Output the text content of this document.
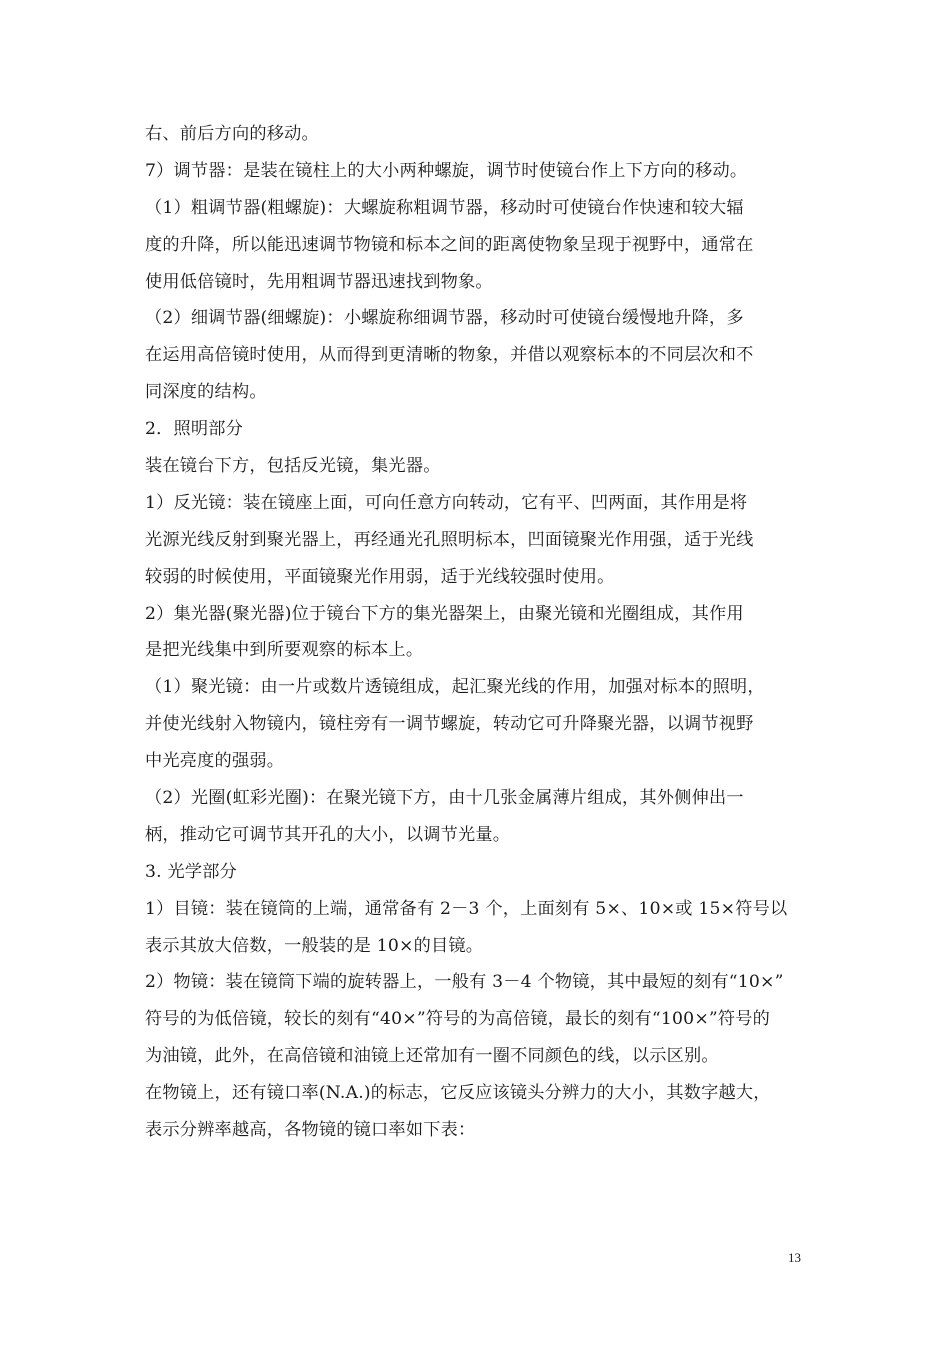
右、前后方向的移动。
7）调节器：是装在镜柱上的大小两种螺旋，调节时使镜台作上下方向的移动。
（1）粗调节器(粗螺旋)：大螺旋称粗调节器，移动时可使镜台作快速和较大辐
度的升降，所以能迅速调节物镜和标本之间的距离使物象呈现于视野中，通常在
使用低倍镜时，先用粗调节器迅速找到物象。
（2）细调节器(细螺旋)：小螺旋称细调节器，移动时可使镜台缓慢地升降，多
在运用高倍镜时使用，从而得到更清晰的物象，并借以观察标本的不同层次和不
同深度的结构。
2．照明部分
装在镜台下方，包括反光镜，集光器。
1）反光镜：装在镜座上面，可向任意方向转动，它有平、凹两面，其作用是将
光源光线反射到聚光器上，再经通光孔照明标本，凹面镜聚光作用强，适于光线
较弱的时候使用，平面镜聚光作用弱，适于光线较强时使用。
2）集光器(聚光器)位于镜台下方的集光器架上，由聚光镜和光圈组成，其作用
是把光线集中到所要观察的标本上。
（1）聚光镜：由一片或数片透镜组成，起汇聚光线的作用，加强对标本的照明，
并使光线射入物镜内，镜柱旁有一调节螺旋，转动它可升降聚光器，以调节视野
中光亮度的强弱。
（2）光圈(虹彩光圈)：在聚光镜下方，由十几张金属薄片组成，其外侧伸出一
柄，推动它可调节其开孔的大小，以调节光量。
3. 光学部分
1）目镜：装在镜筒的上端，通常备有 2－3 个，上面刻有 5×、10×或 15×符号以
表示其放大倍数，一般装的是 10×的目镜。
2）物镜：装在镜筒下端的旋转器上，一般有 3－4 个物镜，其中最短的刻有“10×”
符号的为低倍镜，较长的刻有“40×”符号的为高倍镜，最长的刻有“100×”符号的
为油镜，此外，在高倍镜和油镜上还常加有一圈不同颜色的线，以示区别。
在物镜上，还有镜口率(N.A.)的标志，它反应该镜头分辨力的大小，其数字越大，
表示分辨率越高，各物镜的镜口率如下表：
13
